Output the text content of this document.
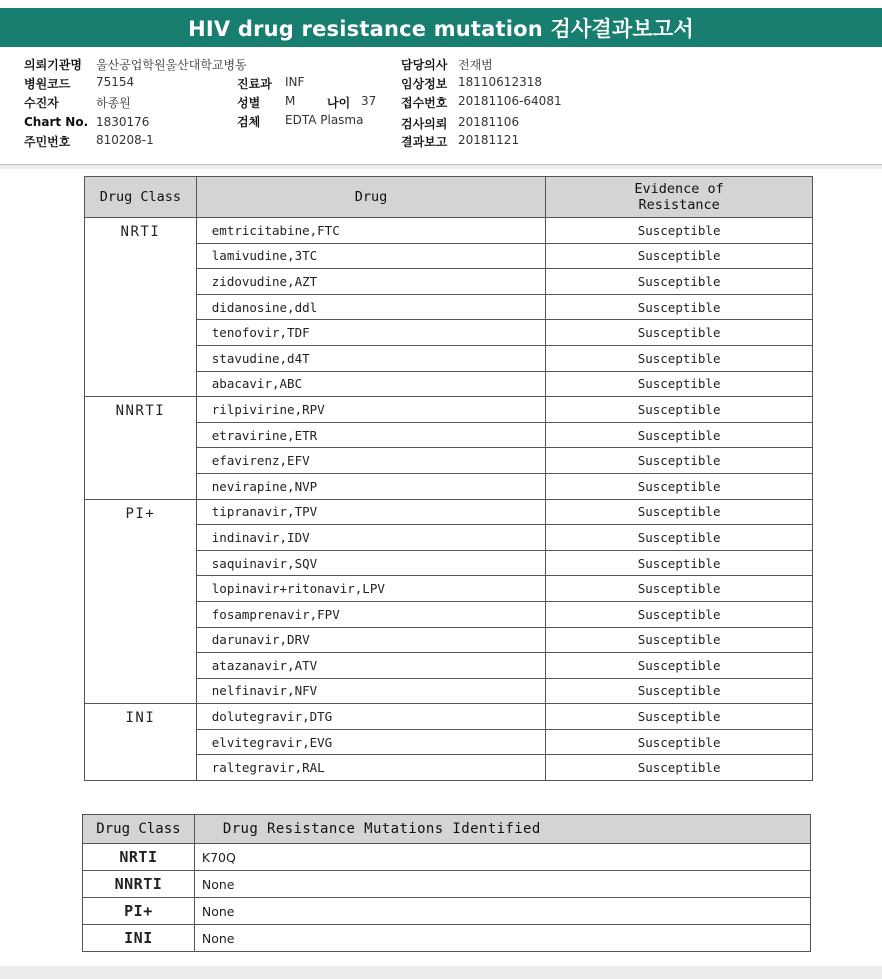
HIV drug resistance mutation 검사결과보고서
의뢰기관명 울산공업학원울산대학교병동
병원코드 75154
수진자	하종원
Chart No. 1830176
주민번호 810208-1
진료과 INF
성별 M	나이 37
검체 EDTA Plasma
담당의사 전재범
임상정보 18110612318
접수번호 20181106-64081
검사의뢰 20181106
결과보고 20181121
Drug Class	Drug	Evidence of Resistance
NRTI	emtricitabine,FTC	Susceptible
	lamivudine,3TC	Susceptible
	zidovudine,AZT	Susceptible
	didanosine,ddl	Susceptible
	tenofovir,TDF	Susceptible
	stavudine,d4T	Susceptible
	abacavir,ABC	Susceptible
NNRTI	rilpivirine,RPV	Susceptible
	etravirine,ETR	Susceptible
	efavirenz,EFV	Susceptible
	nevirapine,NVP	Susceptible
PI+	tipranavir,TPV	Susceptible
	indinavir,IDV	Susceptible
	saquinavir,SQV	Susceptible
	lopinavir+ritonavir,LPV	Susceptible
	fosamprenavir,FPV	Susceptible
	darunavir,DRV	Susceptible
	atazanavir,ATV	Susceptible
	nelfinavir,NFV	Susceptible
INI	dolutegravir,DTG	Susceptible
	elvitegravir,EVG	Susceptible
	raltegravir,RAL	Susceptible
Drug Class	Drug Resistance Mutations Identified
NRTI	K70Q
NNRTI	None
PI+	None
INI	None
